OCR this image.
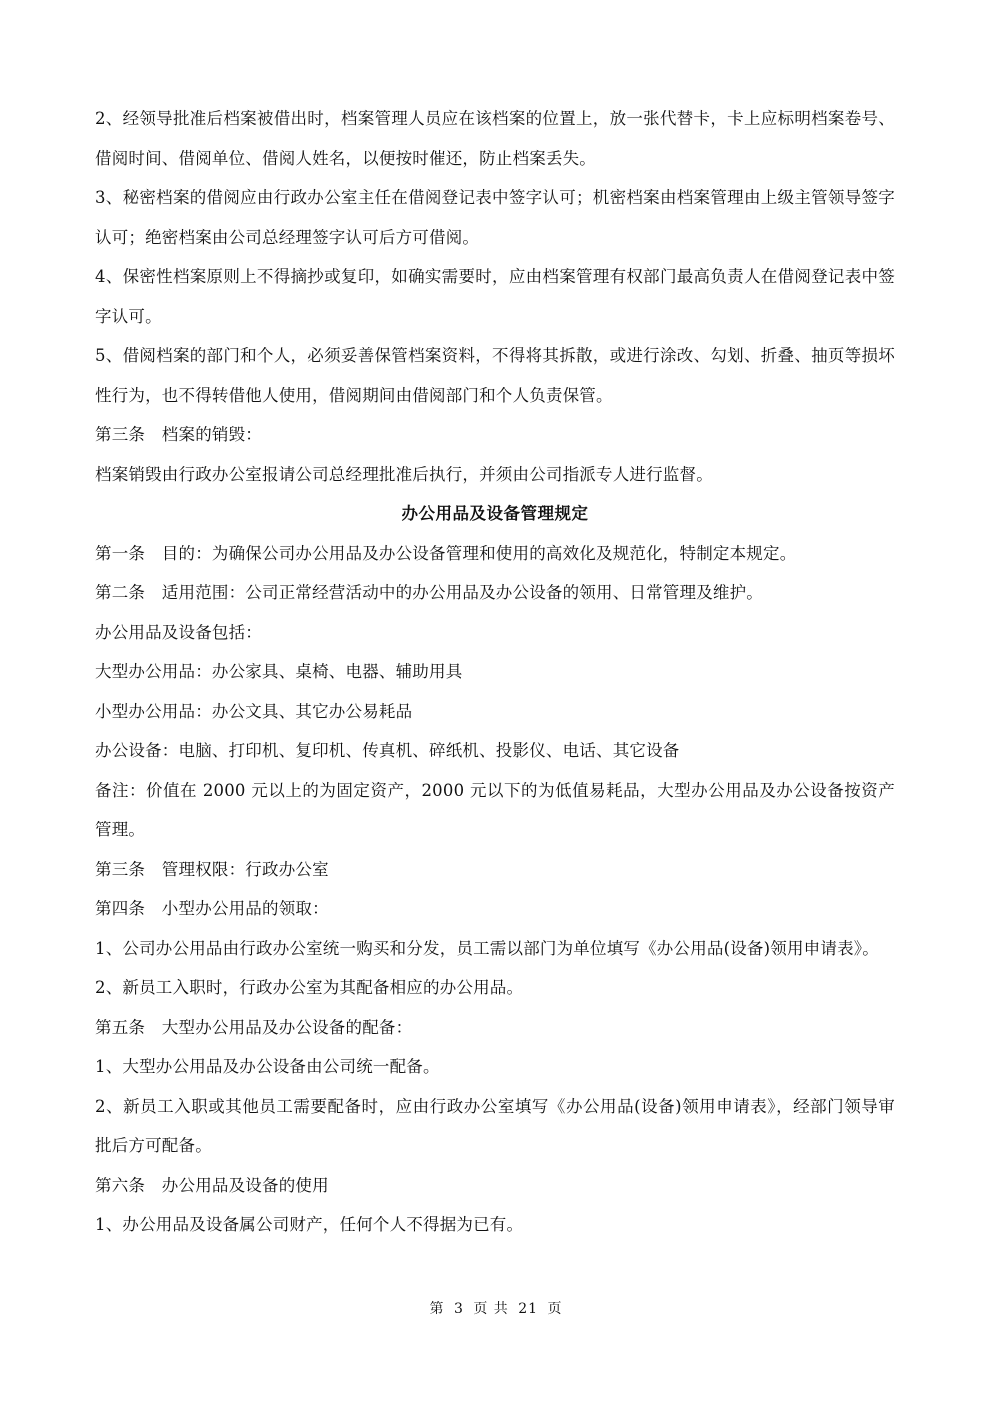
2、经领导批准后档案被借出时，档案管理人员应在该档案的位置上，放一张代替卡，卡上应标明档案卷号、借阅时间、借阅单位、借阅人姓名，以便按时催还，防止档案丢失。

3、秘密档案的借阅应由行政办公室主任在借阅登记表中签字认可；机密档案由档案管理由上级主管领导签字认可；绝密档案由公司总经理签字认可后方可借阅。

4、保密性档案原则上不得摘抄或复印，如确实需要时，应由档案管理有权部门最高负责人在借阅登记表中签字认可。

5、借阅档案的部门和个人，必须妥善保管档案资料，不得将其拆散，或进行涂改、勾划、折叠、抽页等损坏性行为，也不得转借他人使用，借阅期间由借阅部门和个人负责保管。

第三条　档案的销毁：

档案销毁由行政办公室报请公司总经理批准后执行，并须由公司指派专人进行监督。

办公用品及设备管理规定

第一条　目的：为确保公司办公用品及办公设备管理和使用的高效化及规范化，特制定本规定。

第二条　适用范围：公司正常经营活动中的办公用品及办公设备的领用、日常管理及维护。

办公用品及设备包括：

大型办公用品：办公家具、桌椅、电器、辅助用具

小型办公用品：办公文具、其它办公易耗品

办公设备：电脑、打印机、复印机、传真机、碎纸机、投影仪、电话、其它设备

备注：价值在 2000 元以上的为固定资产，2000 元以下的为低值易耗品，大型办公用品及办公设备按资产管理。

第三条　管理权限：行政办公室

第四条　小型办公用品的领取：

1、公司办公用品由行政办公室统一购买和分发，员工需以部门为单位填写《办公用品(设备)领用申请表》。

2、新员工入职时，行政办公室为其配备相应的办公用品。

第五条　大型办公用品及办公设备的配备：

1、大型办公用品及办公设备由公司统一配备。

2、新员工入职或其他员工需要配备时，应由行政办公室填写《办公用品(设备)领用申请表》，经部门领导审批后方可配备。

第六条　办公用品及设备的使用

1、办公用品及设备属公司财产，任何个人不得据为已有。

第 3 页 共 21 页
